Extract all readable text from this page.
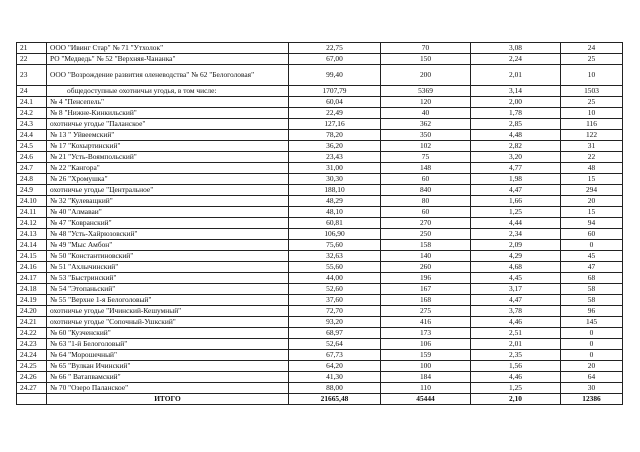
21	ООО "Ивинг Стар" № 71 "Утхолок"	22,75	70	3,08	24
22	РО "Медведь" № 52 "Верхняя-Чананка"	67,00	150	2,24	25
23	ООО "Возрождение развития оленеводства" № 62 "Белоголовая"	99,40	200	2,01	10
24	общедоступные охотничьи угодья, в том числе:	1707,79	5369	3,14	1503
24.1	№ 4 "Пенсепель"	60,04	120	2,00	25
24.2	№ 8 "Нижне-Кинкильский"	22,49	40	1,78	10
24.3	охотничье угодье "Паланское"	127,16	362	2,85	116
24.4	№ 13 " Уйвеемский"	78,20	350	4,48	122
24.5	№ 17 "Кохыртинский"	36,20	102	2,82	31
24.6	№ 21 "Усть-Воямпольский"	23,43	75	3,20	22
24.7	№ 22 "Кангора"	31,00	148	4,77	48
24.8	№ 26 "Хромушка"	30,30	60	1,98	15
24.9	охотничье угодье "Центральное"	188,10	840	4,47	294
24.10	№ 32 "Кулеващкий"	48,29	80	1,66	20
24.11	№ 40 "Алмаваи"	48,10	60	1,25	15
24.12	№ 47 "Ковранский"	60,81	270	4,44	94
24.13	№ 48 "Усть-Хайрюзовский"	106,90	250	2,34	60
24.14	№ 49 "Мыс Амбон"	75,60	158	2,09	0
24.15	№ 50 "Константиновский"	32,63	140	4,29	45
24.16	№ 51 "Ахлычинский"	55,60	260	4,68	47
24.17	№ 53 "Быстринский"	44,00	196	4,45	68
24.18	№ 54 "Этопаньский"	52,60	167	3,17	58
24.19	№ 55 "Верхне 1-я Белоголовый"	37,60	168	4,47	58
24.20	охотничье угодье "Ичинский-Кешумный"	72,70	275	3,78	96
24.21	охотничье угодье "Сопочный-Ушкский"	93,20	416	4,46	145
24.22	№ 60 "Кузченский"	68,97	173	2,51	0
24.23	№ 63 "1-й Белоголовый"	52,64	106	2,01	0
24.24	№ 64 "Морошечный"	67,73	159	2,35	0
24.25	№ 65 "Вулкан Ичинский"	64,20	100	1,56	20
24.26	№ 66 " Ватапвамский"	41,30	184	4,46	64
24.27	№ 70 "Озеро Паланское"	88,00	110	1,25	30
	ИТОГО	21665,48	45444	2,10	12386
